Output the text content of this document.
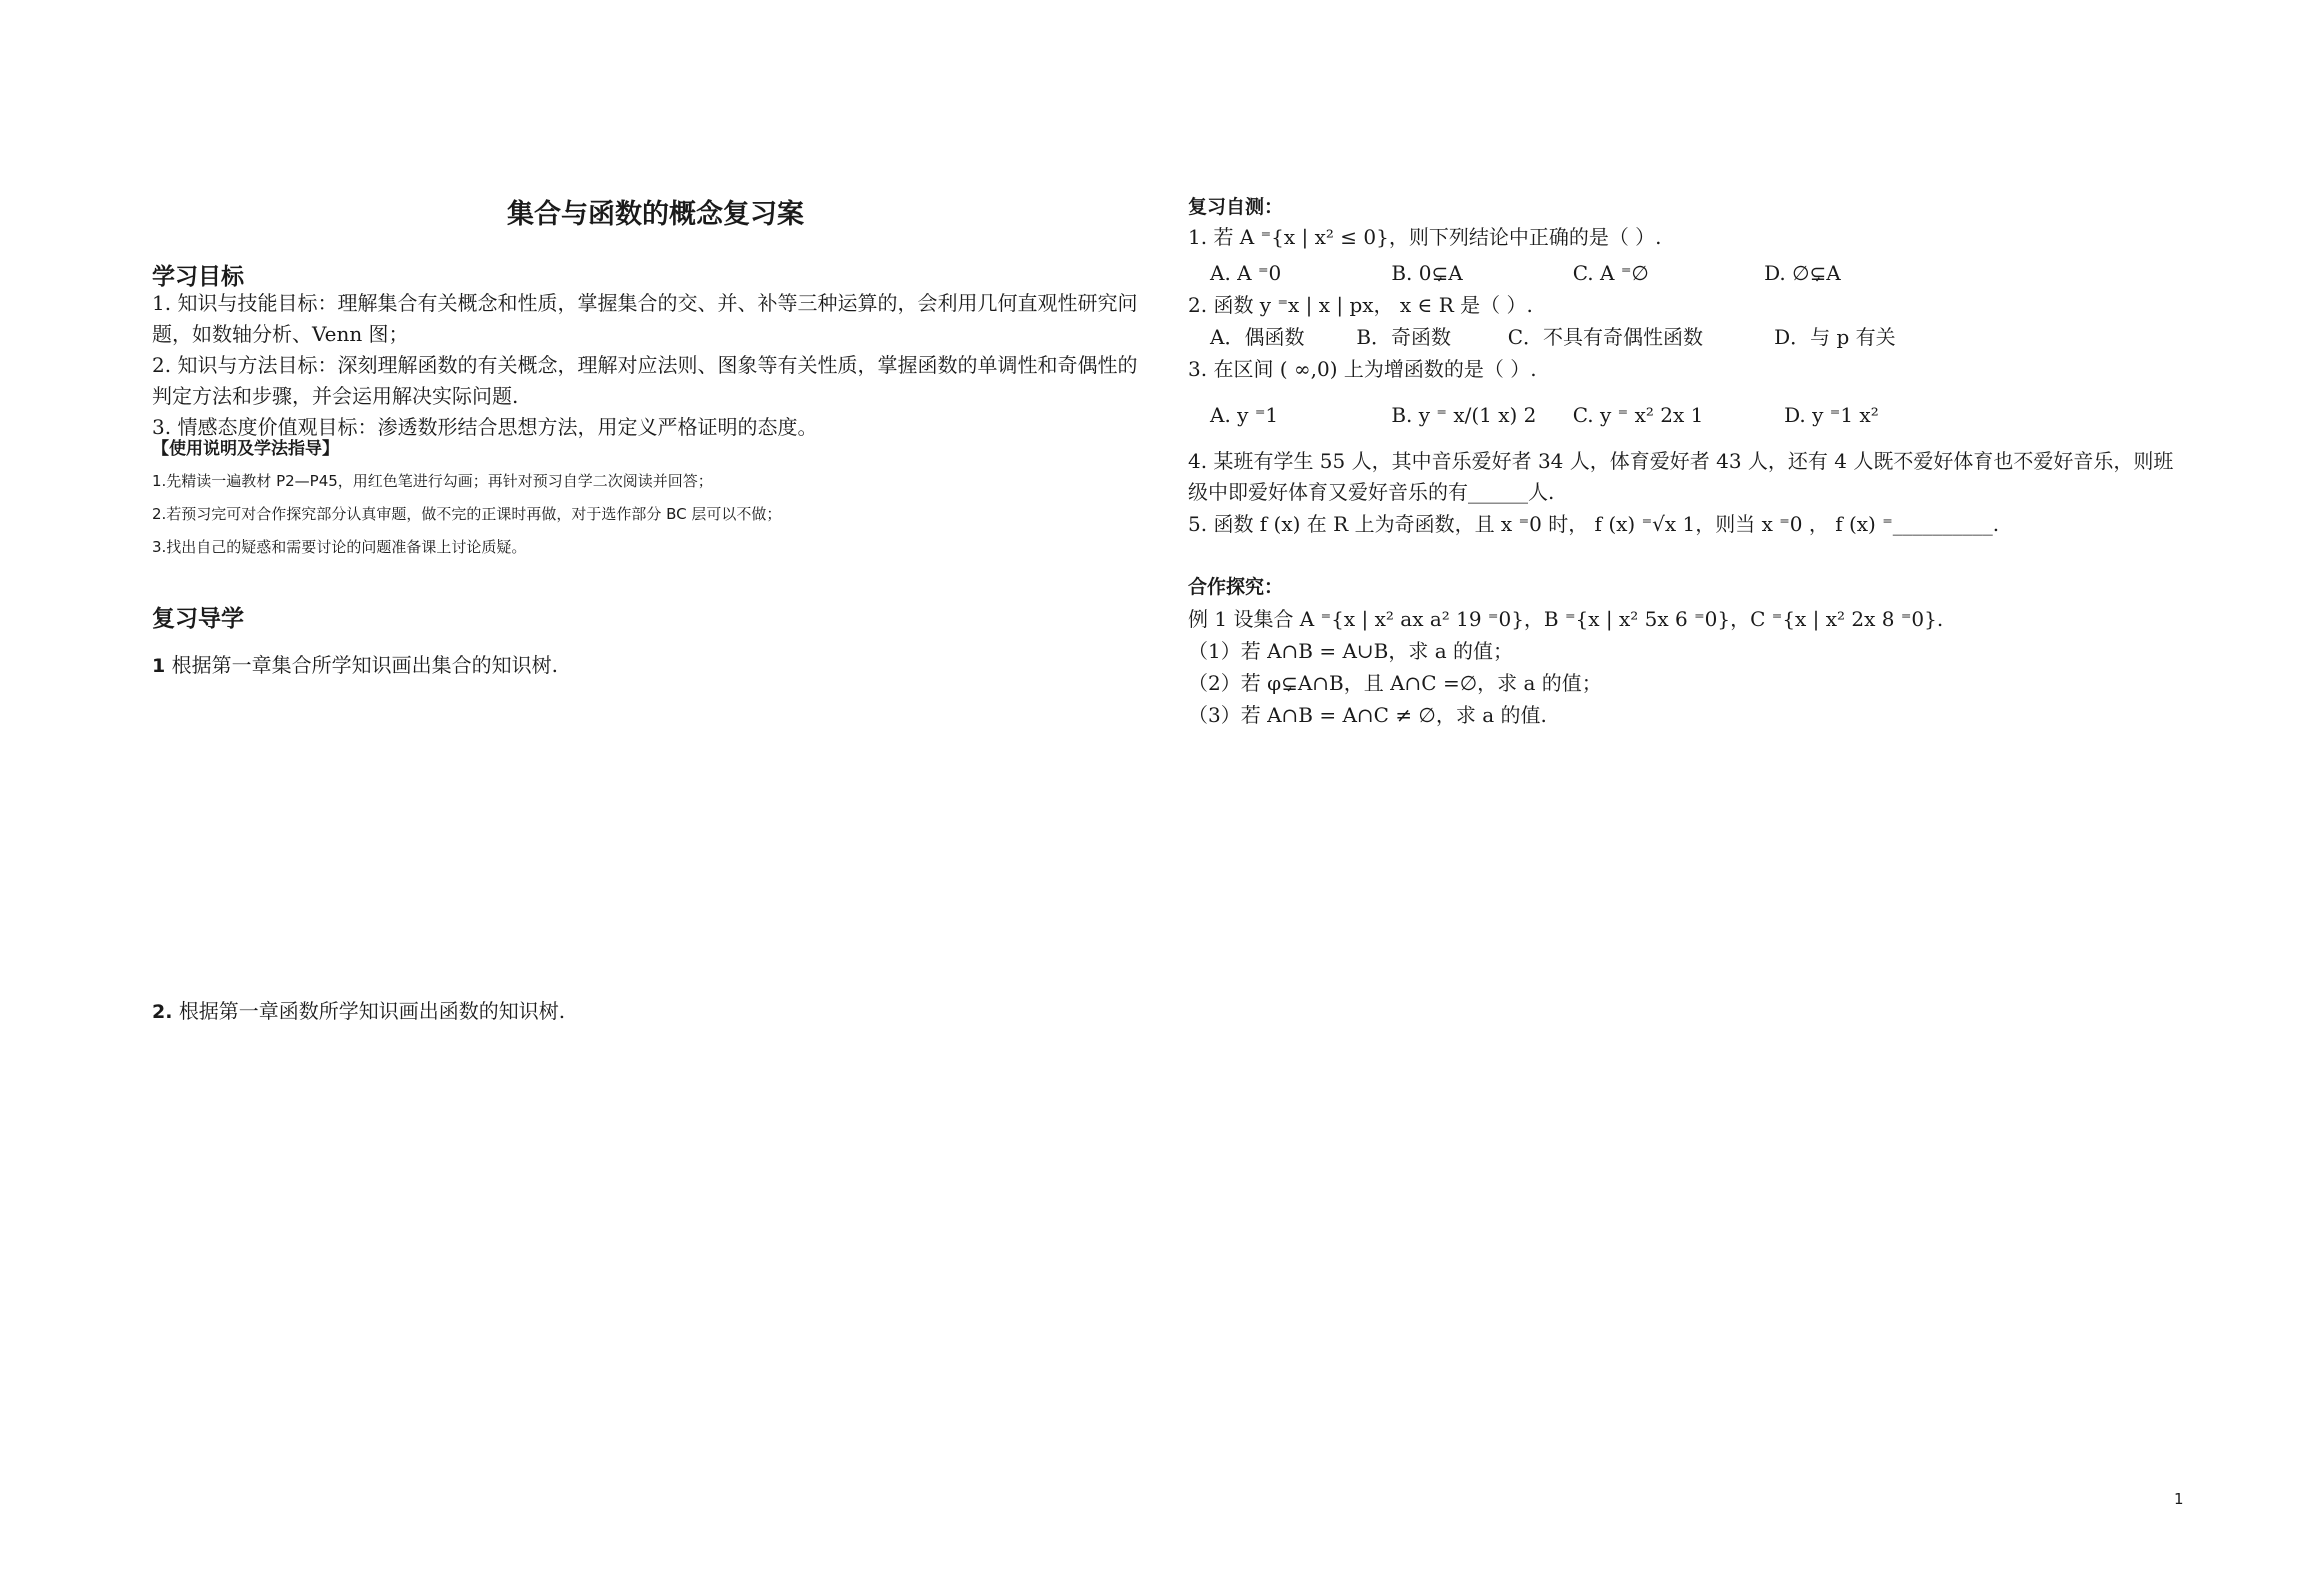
集合与函数的概念复习案
学习目标
1. 知识与技能目标：理解集合有关概念和性质，掌握集合的交、并、补等三种运算的，会利用几何直观性研究问题，如数轴分析、Venn 图；
2. 知识与方法目标：深刻理解函数的有关概念，理解对应法则、图象等有关性质，掌握函数的单调性和奇偶性的判定方法和步骤，并会运用解决实际问题.
3. 情感态度价值观目标：渗透数形结合思想方法，用定义严格证明的态度。
【使用说明及学法指导】
1.先精读一遍教材 P2—P45，用红色笔进行勾画；再针对预习自学二次阅读并回答；
2.若预习完可对合作探究部分认真审题，做不完的正课时再做，对于选作部分 BC 层可以不做；
3.找出自己的疑惑和需要讨论的问题准备课上讨论质疑。
复习导学
1 根据第一章集合所学知识画出集合的知识树.
2. 根据第一章函数所学知识画出函数的知识树.
复习自测：
1. 若 A ⁼{x | x² ≤ 0}，则下列结论中正确的是（ ）.
A. A ⁼0	B. 0⊊A	C. A ⁼∅	D. ∅⊊A
2. 函数 y ⁼x | x | px， x ∈ R 是（ ）.
A．偶函数	B．奇函数	C．不具有奇偶性函数	D．与 p 有关
3. 在区间 ( ∞,0) 上为增函数的是（ ）.
A. y ⁼1	B. y ⁼ x/(1 x) 2 C. y ⁼ x² 2x 1	D. y ⁼1 x²
4. 某班有学生 55 人，其中音乐爱好者 34 人，体育爱好者 43 人，还有 4 人既不爱好体育也不爱好音乐，则班级中即爱好体育又爱好音乐的有______人.
5. 函数 f (x) 在 R 上为奇函数，且 x ⁼0 时， f (x) ⁼√x 1，则当 x ⁼0 ， f (x) ⁼__________.
合作探究：
例 1 设集合 A ⁼{x | x² ax a² 19 ⁼0}，B ⁼{x | x² 5x 6 ⁼0}，C ⁼{x | x² 2x 8 ⁼0}.
（1）若 A∩B = A∪B，求 a 的值；
（2）若 φ⊊A∩B，且 A∩C =∅，求 a 的值；
（3）若 A∩B = A∩C ≠ ∅，求 a 的值.
1
